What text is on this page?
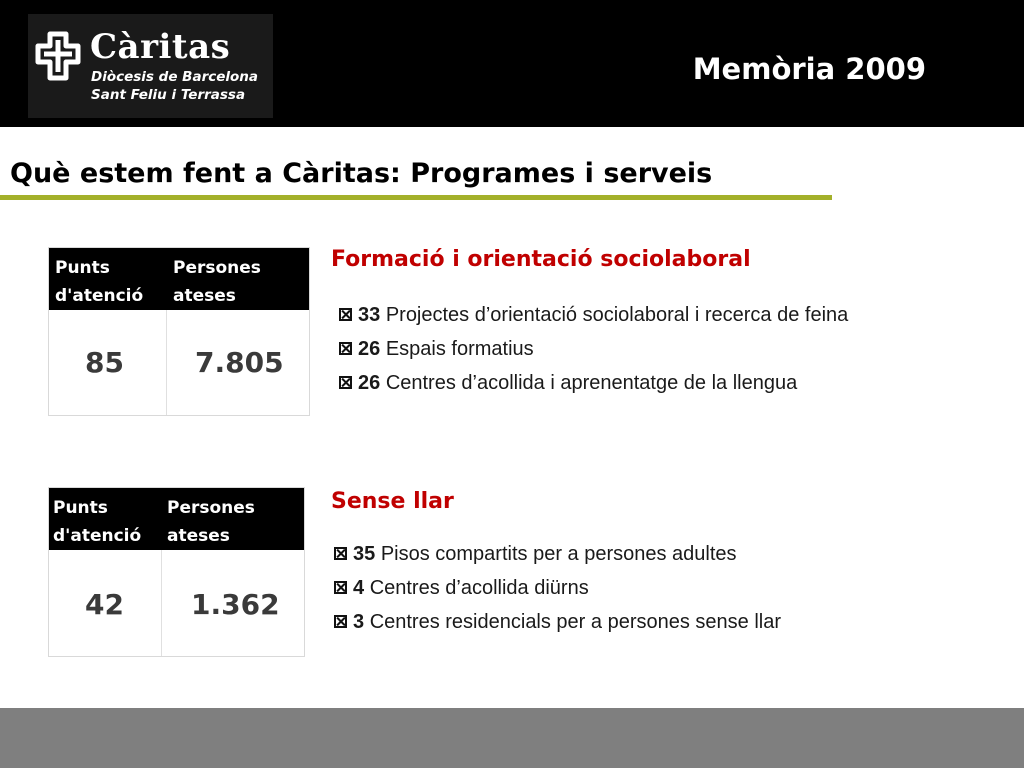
Càritas
Diòcesis de Barcelona
Sant Feliu i Terrassa
Memòria 2009
Què estem fent a Càritas: Programes i serveis
Punts d'atenció
Persones ateses
85	7.805
Formació i orientació sociolaboral

33 Projectes d’orientació sociolaboral i recerca de feina

26 Espais formatius

26 Centres d’acollida i aprenentatge de la llengua

Punts d'atenció
Persones ateses
42 1.362
Sense llar

35 Pisos compartits per a persones adultes

4 Centres d’acollida diürns

3 Centres residencials per a persones sense llar
